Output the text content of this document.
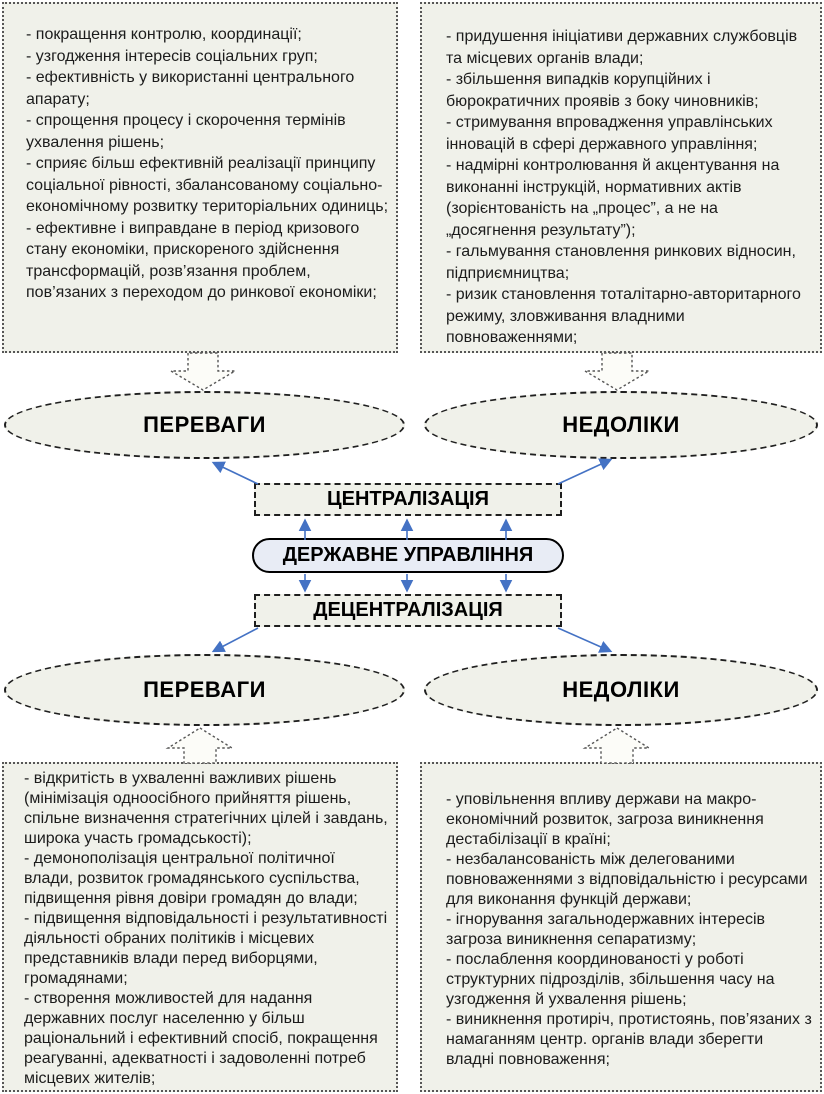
- покращення контролю, координації;
- узгодження інтересів соціальних груп;
- ефективність у використанні центрального апарату;
- спрощення процесу і скорочення термінів ухвалення рішень;
- сприяє більш ефективній реалізації принципу соціальної рівності, збалансованому соціально-економічному розвитку територіальних одиниць;
- ефективне і виправдане в період кризового стану економіки, прискореного здійснення трансформацій, розв’язання проблем, пов’язаних з переходом до ринкової економіки;
- придушення ініціативи державних службовців та місцевих органів влади;
- збільшення випадків корупційних і бюрократичних проявів з боку чиновників;
- стримування впровадження управлінських інновацій в сфері державного управління;
- надмірні контролювання й акцентування на виконанні інструкцій, нормативних актів (зорієнтованість на „процес”, а не на „досягнення результату”);
- гальмування становлення ринкових відносин, підприємництва;
- ризик становлення тоталітарно-авторитарного режиму, зловживання владними повноваженнями;
- відкритість в ухваленні важливих рішень (мінімізація одноосібного прийняття рішень, спільне визначення стратегічних цілей і завдань, широка участь громадськості);
- демонополізація центральної політичної влади, розвиток громадянського суспільства, підвищення рівня довіри громадян до влади;
- підвищення відповідальності і результативності діяльності обраних політиків і місцевих представників влади перед виборцями, громадянами;
- створення можливостей для надання державних послуг населенню у більш раціональний і ефективний спосіб, покращення реагуванні, адекватності і задоволенні потреб місцевих жителів;
- уповільнення впливу держави на макро-економічний розвиток, загроза виникнення дестабілізації в країні;
- незбалансованість між делегованими повноваженнями з відповідальністю і ресурсами для виконання функцій держави;
- ігнорування загальнодержавних інтересів загроза виникнення сепаратизму;
- послаблення координованості у роботі структурних підрозділів, збільшення часу на узгодження й ухвалення рішень;
- виникнення протиріч, протистоянь, пов’язаних з намаганням центр. органів влади зберегти владні повноваження;
ПЕРЕВАГИ	НЕДОЛІКИ
ПЕРЕВАГИ	НЕДОЛІКИ
ЦЕНТРАЛІЗАЦІЯ
ДЕРЖАВНЕ УПРАВЛІННЯ
ДЕЦЕНТРАЛІЗАЦІЯ
